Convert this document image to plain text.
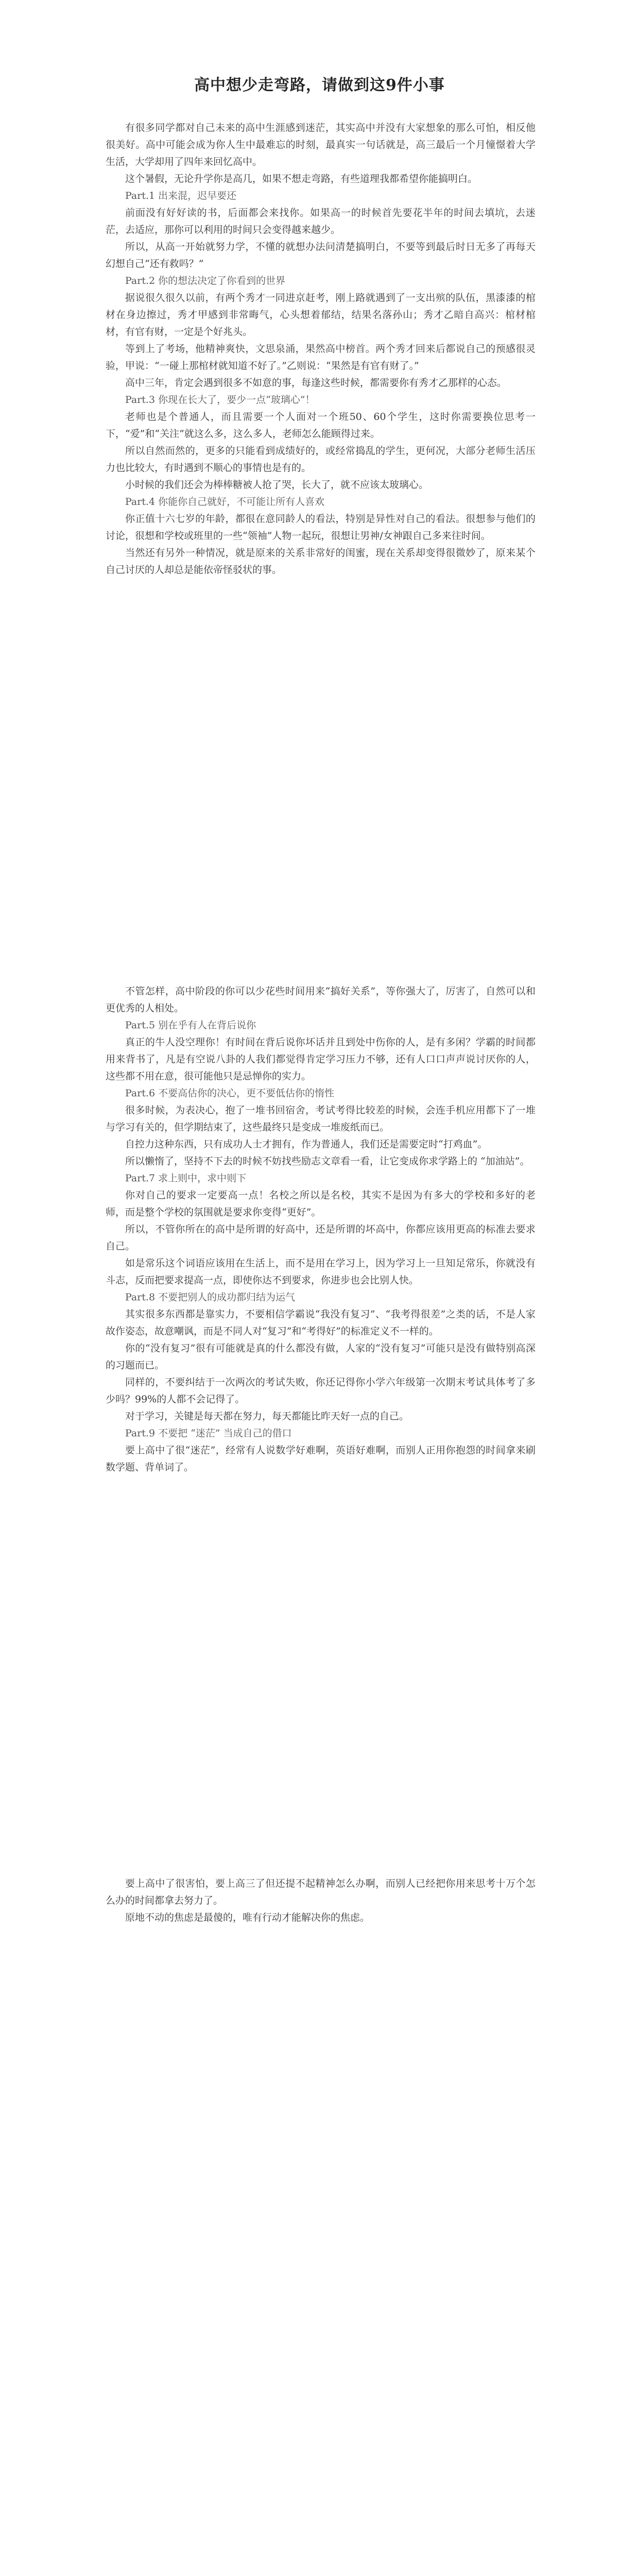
高中想少走弯路，请做到这9件小事

有很多同学都对自己未来的高中生涯感到迷茫，其实高中并没有大家想象的那么可怕，相反他很美好。高中可能会成为你人生中最难忘的时刻，最真实一句话就是，高三最后一个月憧憬着大学生活，大学却用了四年来回忆高中。

这个暑假，无论升学你是高几，如果不想走弯路，有些道理我都希望你能搞明白。

Part.1 出来混，迟早要还

前面没有好好读的书，后面都会来找你。如果高一的时候首先要花半年的时间去填坑，去迷茫，去适应，那你可以利用的时间只会变得越来越少。

所以，从高一开始就努力学，不懂的就想办法问清楚搞明白，不要等到最后时日无多了再每天幻想自己“还有救吗？”

Part.2 你的想法决定了你看到的世界

据说很久很久以前，有两个秀才一同进京赶考，刚上路就遇到了一支出殡的队伍，黑漆漆的棺材在身边擦过，秀才甲感到非常晦气，心头想着郁结，结果名落孙山；秀才乙暗自高兴：棺材棺材，有官有财，一定是个好兆头。

等到上了考场，他精神爽快，文思泉涌，果然高中榜首。两个秀才回来后都说自己的预感很灵验，甲说：“一碰上那棺材就知道不好了。”乙则说：“果然是有官有财了。”

高中三年，肯定会遇到很多不如意的事，每逢这些时候，都需要你有秀才乙那样的心态。

Part.3 你现在长大了，要少一点“玻璃心”！

老师也是个普通人，而且需要一个人面对一个班50、60个学生，这时你需要换位思考一下，“爱”和“关注”就这么多，这么多人，老师怎么能顾得过来。

所以自然而然的，更多的只能看到成绩好的，或经常捣乱的学生，更何况，大部分老师生活压力也比较大，有时遇到不顺心的事情也是有的。

小时候的我们还会为棒棒糖被人抢了哭，长大了，就不应该太玻璃心。

Part.4 你能你自己就好，不可能让所有人喜欢

你正值十六七岁的年龄，都很在意同龄人的看法，特别是异性对自己的看法。很想参与他们的讨论，很想和学校或班里的一些“领袖”人物一起玩，很想让男神/女神跟自己多来往时间。

当然还有另外一种情况，就是原来的关系非常好的闺蜜，现在关系却变得很微妙了，原来某个自己讨厌的人却总是能依帝怪驳状的事。

不管怎样，高中阶段的你可以少花些时间用来“搞好关系”，等你强大了，厉害了，自然可以和更优秀的人相处。

Part.5 别在乎有人在背后说你

真正的牛人没空理你！有时间在背后说你坏话并且到处中伤你的人，是有多闲？学霸的时间都用来背书了，凡是有空说八卦的人我们都觉得肯定学习压力不够，还有人口口声声说讨厌你的人，这些都不用在意，很可能他只是忌惮你的实力。

Part.6 不要高估你的决心，更不要低估你的惰性

很多时候，为表决心，抱了一堆书回宿舍，考试考得比较差的时候，会连手机应用都下了一堆与学习有关的，但学期结束了，这些最终只是变成一堆废纸而已。

自控力这种东西，只有成功人士才拥有，作为普通人，我们还是需要定时“打鸡血”。

所以懒惰了，坚持不下去的时候不妨找些励志文章看一看，让它变成你求学路上的 “加油站”。

Part.7 求上则中，求中则下

你对自己的要求一定要高一点！名校之所以是名校，其实不是因为有多大的学校和多好的老师，而是整个学校的氛围就是要求你变得“更好”。

所以，不管你所在的高中是所谓的好高中，还是所谓的坏高中，你都应该用更高的标准去要求自己。

如是常乐这个词语应该用在生活上，而不是用在学习上，因为学习上一旦知足常乐，你就没有斗志，反而把要求提高一点，即使你达不到要求，你进步也会比别人快。

Part.8 不要把别人的成功都归结为运气

其实很多东西都是靠实力，不要相信学霸说“我没有复习”、“我考得很差”之类的话，不是人家故作姿态，故意嘲讽，而是不同人对“复习”和“考得好”的标准定义不一样的。

你的“没有复习”很有可能就是真的什么都没有做，人家的“没有复习”可能只是没有做特别高深的习题而已。

同样的，不要纠结于一次两次的考试失败，你还记得你小学六年级第一次期末考试具体考了多少吗？99%的人都不会记得了。

对于学习，关键是每天都在努力，每天都能比昨天好一点的自己。

Part.9 不要把 “迷茫” 当成自己的借口

要上高中了很“迷茫”，经常有人说数学好难啊，英语好难啊，而别人正用你抱怨的时间拿来刷数学题、背单词了。

要上高中了很害怕，要上高三了但还提不起精神怎么办啊，而别人已经把你用来思考十万个怎么办的时间都拿去努力了。

原地不动的焦虑是最傻的，唯有行动才能解决你的焦虑。
